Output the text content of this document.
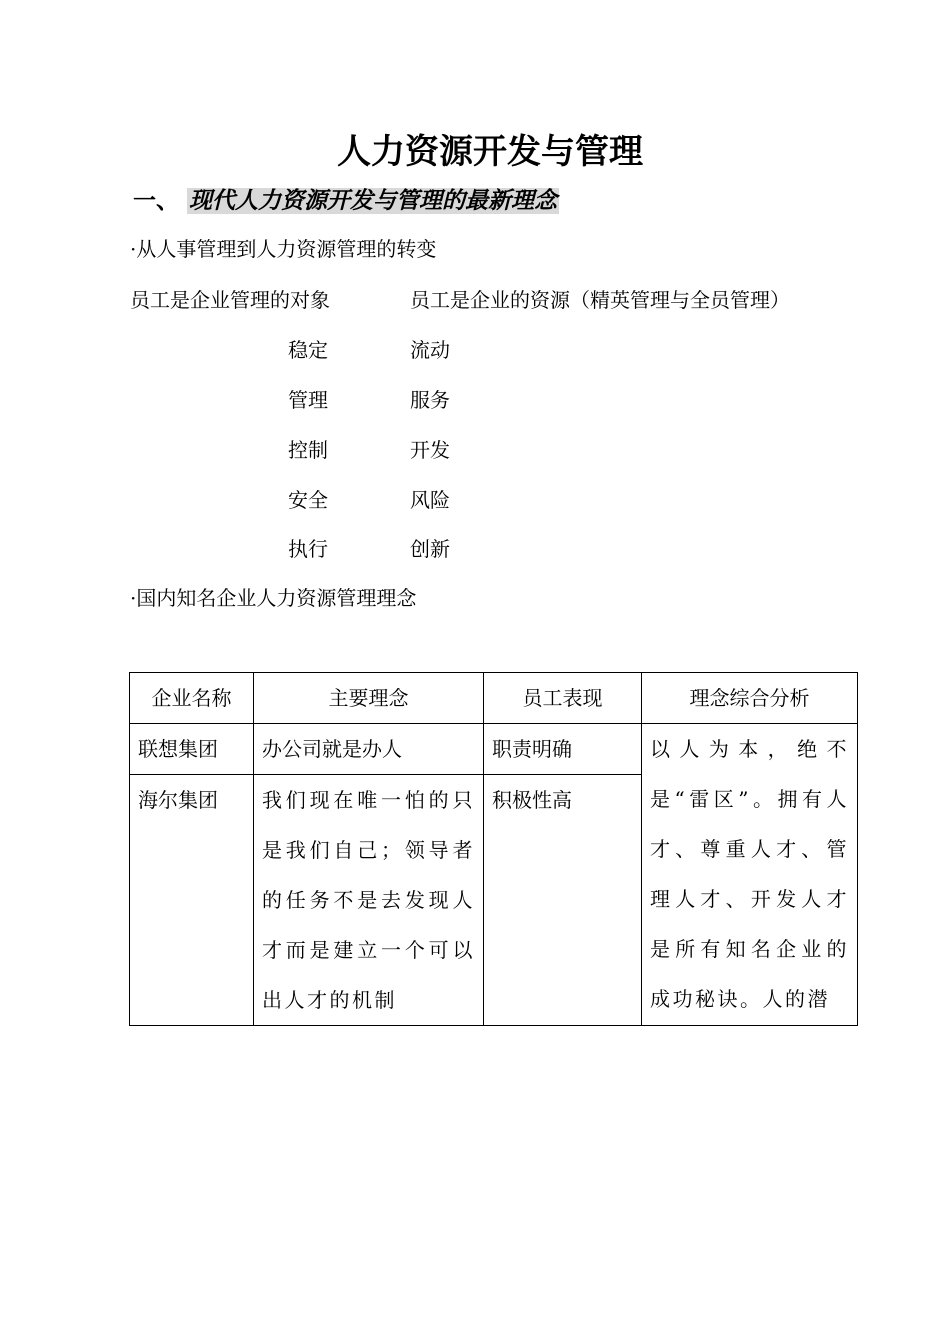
人力资源开发与管理
一、 现代人力资源开发与管理的最新理念
·从人事管理到人力资源管理的转变
员工是企业管理的对象	员工是企业的资源（精英管理与全员管理）
稳定	流动
管理	服务
控制	开发
安全	风险
执行	创新
·国内知名企业人力资源管理理念
企业名称	主要理念	员工表现	理念综合分析
联想集团	办公司就是办人	职责明确	以人为本，绝不是“雷区”。拥有人才、尊重人才、管理人才、开发人才是所有知名企业的成功秘诀。人的潜
海尔集团	我们现在唯一怕的只是我们自己；领导者的任务不是去发现人才而是建立一个可以出人才的机制	积极性高	
